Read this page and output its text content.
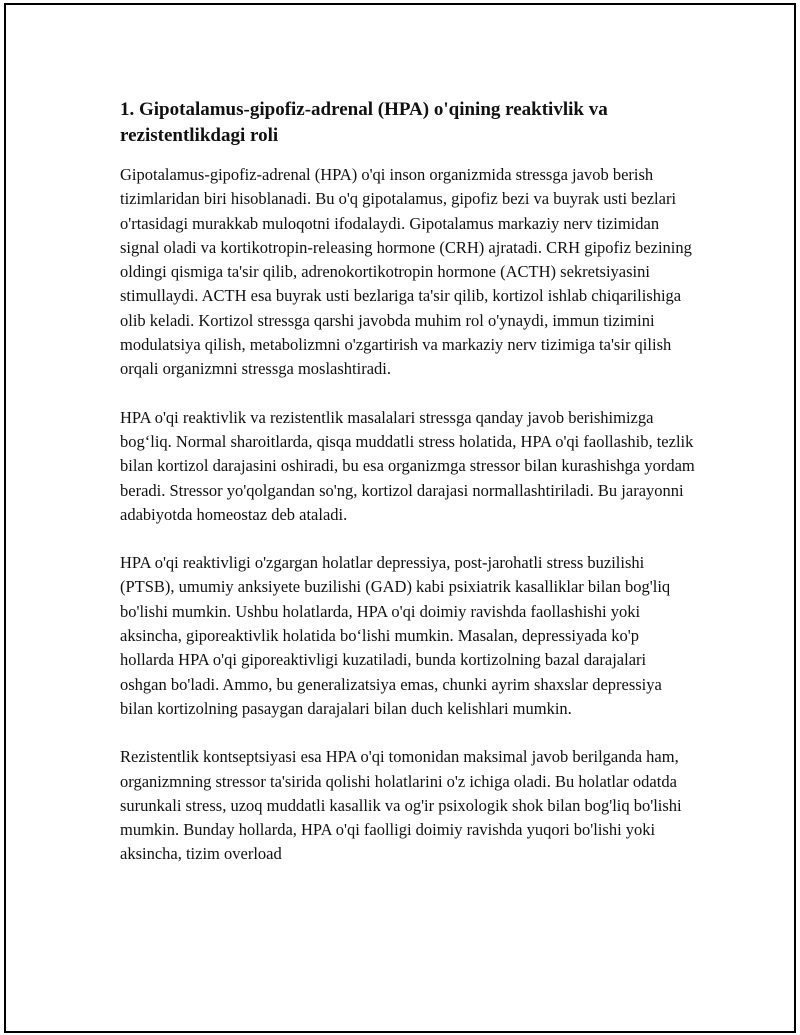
1. Gipotalamus-gipofiz-adrenal (HPA) o'qining reaktivlik va rezistentlikdagi roli

Gipotalamus-gipofiz-adrenal (HPA) o'qi inson organizmida stressga javob berish tizimlaridan biri hisoblanadi. Bu o'q gipotalamus, gipofiz bezi va buyrak usti bezlari o'rtasidagi murakkab muloqotni ifodalaydi. Gipotalamus markaziy nerv tizimidan signal oladi va kortikotropin-releasing hormone (CRH) ajratadi. CRH gipofiz bezining oldingi qismiga ta'sir qilib, adrenokortikotropin hormone (ACTH) sekretsiyasini stimullaydi. ACTH esa buyrak usti bezlariga ta'sir qilib, kortizol ishlab chiqarilishiga olib keladi. Kortizol stressga qarshi javobda muhim rol o'ynaydi, immun tizimini modulatsiya qilish, metabolizmni o'zgartirish va markaziy nerv tizimiga ta'sir qilish orqali organizmni stressga moslashtiradi.

HPA o'qi reaktivlik va rezistentlik masalalari stressga qanday javob berishimizga bog‘liq. Normal sharoitlarda, qisqa muddatli stress holatida, HPA o'qi faollashib, tezlik bilan kortizol darajasini oshiradi, bu esa organizmga stressor bilan kurashishga yordam beradi. Stressor yo'qolgandan so'ng, kortizol darajasi normallashtiriladi. Bu jarayonni adabiyotda homeostaz deb ataladi.

HPA o'qi reaktivligi o'zgargan holatlar depressiya, post-jarohatli stress buzilishi (PTSB), umumiy anksiyete buzilishi (GAD) kabi psixiatrik kasalliklar bilan bog'liq bo'lishi mumkin. Ushbu holatlarda, HPA o'qi doimiy ravishda faollashishi yoki aksincha, giporeaktivlik holatida bo‘lishi mumkin. Masalan, depressiyada ko'p hollarda HPA o'qi giporeaktivligi kuzatiladi, bunda kortizolning bazal darajalari oshgan bo'ladi. Ammo, bu generalizatsiya emas, chunki ayrim shaxslar depressiya bilan kortizolning pasaygan darajalari bilan duch kelishlari mumkin.

Rezistentlik kontseptsiyasi esa HPA o'qi tomonidan maksimal javob berilganda ham, organizmning stressor ta'sirida qolishi holatlarini o'z ichiga oladi. Bu holatlar odatda surunkali stress, uzoq muddatli kasallik va og'ir psixologik shok bilan bog'liq bo'lishi mumkin. Bunday hollarda, HPA o'qi faolligi doimiy ravishda yuqori bo'lishi yoki aksincha, tizim overload
